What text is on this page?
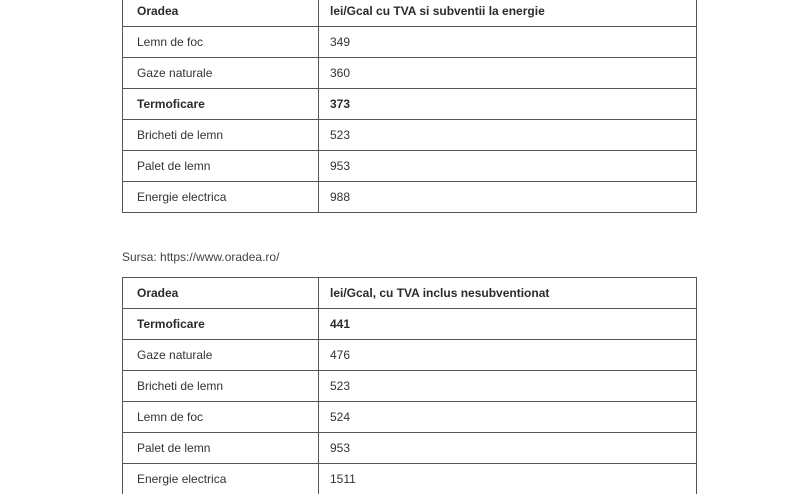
Oradea	lei/Gcal cu TVA si subventii la energie
Lemn de foc	349
Gaze naturale	360
Termoficare	373
Bricheti de lemn	523
Palet de lemn	953
Energie electrica	988
Sursa: https://www.oradea.ro/
Oradea	lei/Gcal, cu TVA inclus nesubventionat
Termoficare	441
Gaze naturale	476
Bricheti de lemn	523
Lemn de foc	524
Palet de lemn	953
Energie electrica	1511
